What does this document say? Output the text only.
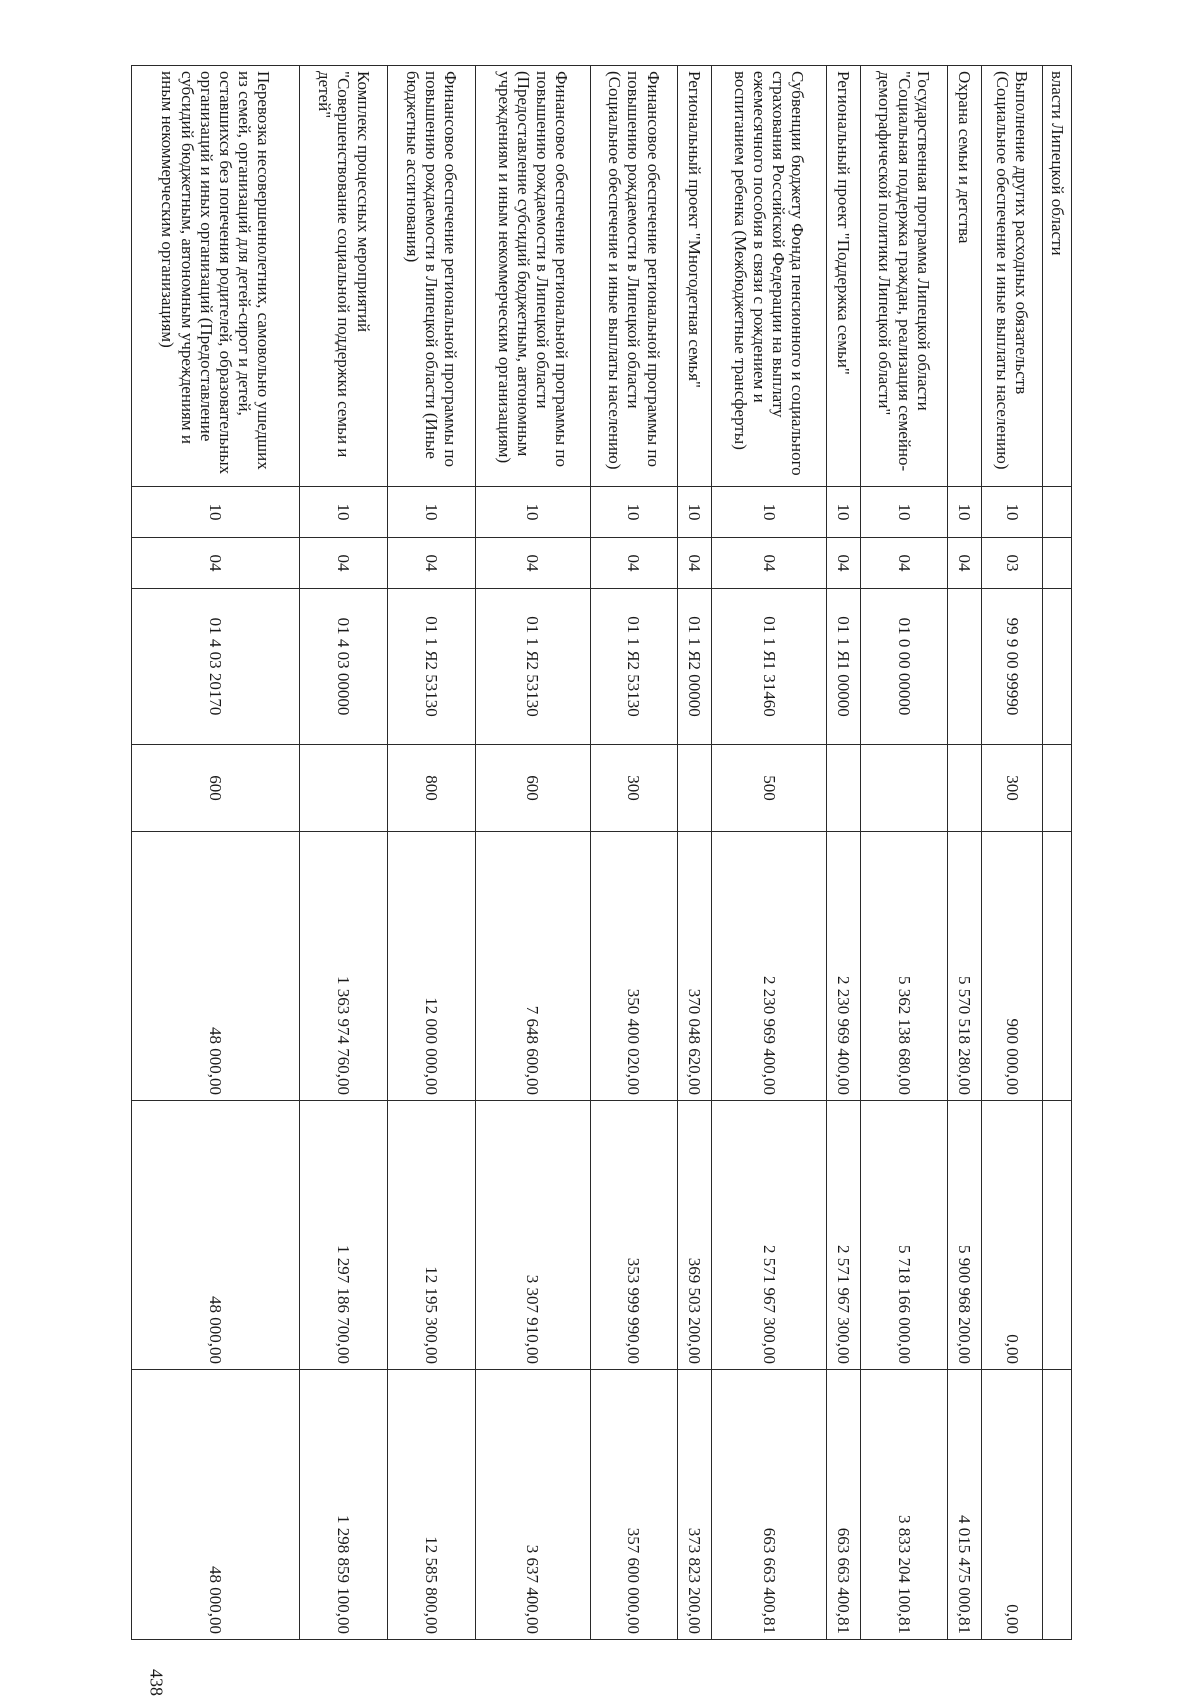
438
власти Липецкой области							
Выполнение других расходных обязательств (Социальное обеспечение и иные выплаты населению)	10	03	99 9 00 99990	300	900 000,00	0,00	0,00
Охрана семьи и детства	10	04			5 570 518 280,00	5 900 968 200,00	4 015 475 000,81
Государственная программа Липецкой области "Социальная поддержка граждан, реализация семейно-демографической политики Липецкой области"	10	04	01 0 00 00000		5 362 138 680,00	5 718 166 000,00	3 833 204 100,81
Региональный проект "Поддержка семьи"	10	04	01 1 Я1 00000		2 230 969 400,00	2 571 967 300,00	663 663 400,81
Субвенции бюджету Фонда пенсионного и социального страхования Российской Федерации на выплату ежемесячного пособия в связи с рождением и воспитанием ребенка (Межбюджетные трансферты)	10	04	01 1 Я1 31460	500	2 230 969 400,00	2 571 967 300,00	663 663 400,81
Региональный проект "Многодетная семья"	10	04	01 1 Я2 00000		370 048 620,00	369 503 200,00	373 823 200,00
Финансовое обеспечение региональной программы по повышению рождаемости в Липецкой области (Социальное обеспечение и иные выплаты населению)	10	04	01 1 Я2 53130	300	350 400 020,00	353 999 990,00	357 600 000,00
Финансовое обеспечение региональной программы по повышению рождаемости в Липецкой области (Предоставление субсидий бюджетным, автономным учреждениям и иным некоммерческим организациям)	10	04	01 1 Я2 53130	600	7 648 600,00	3 307 910,00	3 637 400,00
Финансовое обеспечение региональной программы по повышению рождаемости в Липецкой области (Иные бюджетные ассигнования)	10	04	01 1 Я2 53130	800	12 000 000,00	12 195 300,00	12 585 800,00
Комплекс процессных мероприятий "Совершенствование социальной поддержки семьи и детей"	10	04	01 4 03 00000		1 363 974 760,00	1 297 186 700,00	1 298 859 100,00
Перевозка несовершеннолетних, самовольно ушедших из семей, организаций для детей-сирот и детей, оставшихся без попечения родителей, образовательных организаций и иных организаций (Предоставление субсидий бюджетным, автономным учреждениям и иным некоммерческим организациям)	10	04	01 4 03 20170	600	48 000,00	48 000,00	48 000,00
